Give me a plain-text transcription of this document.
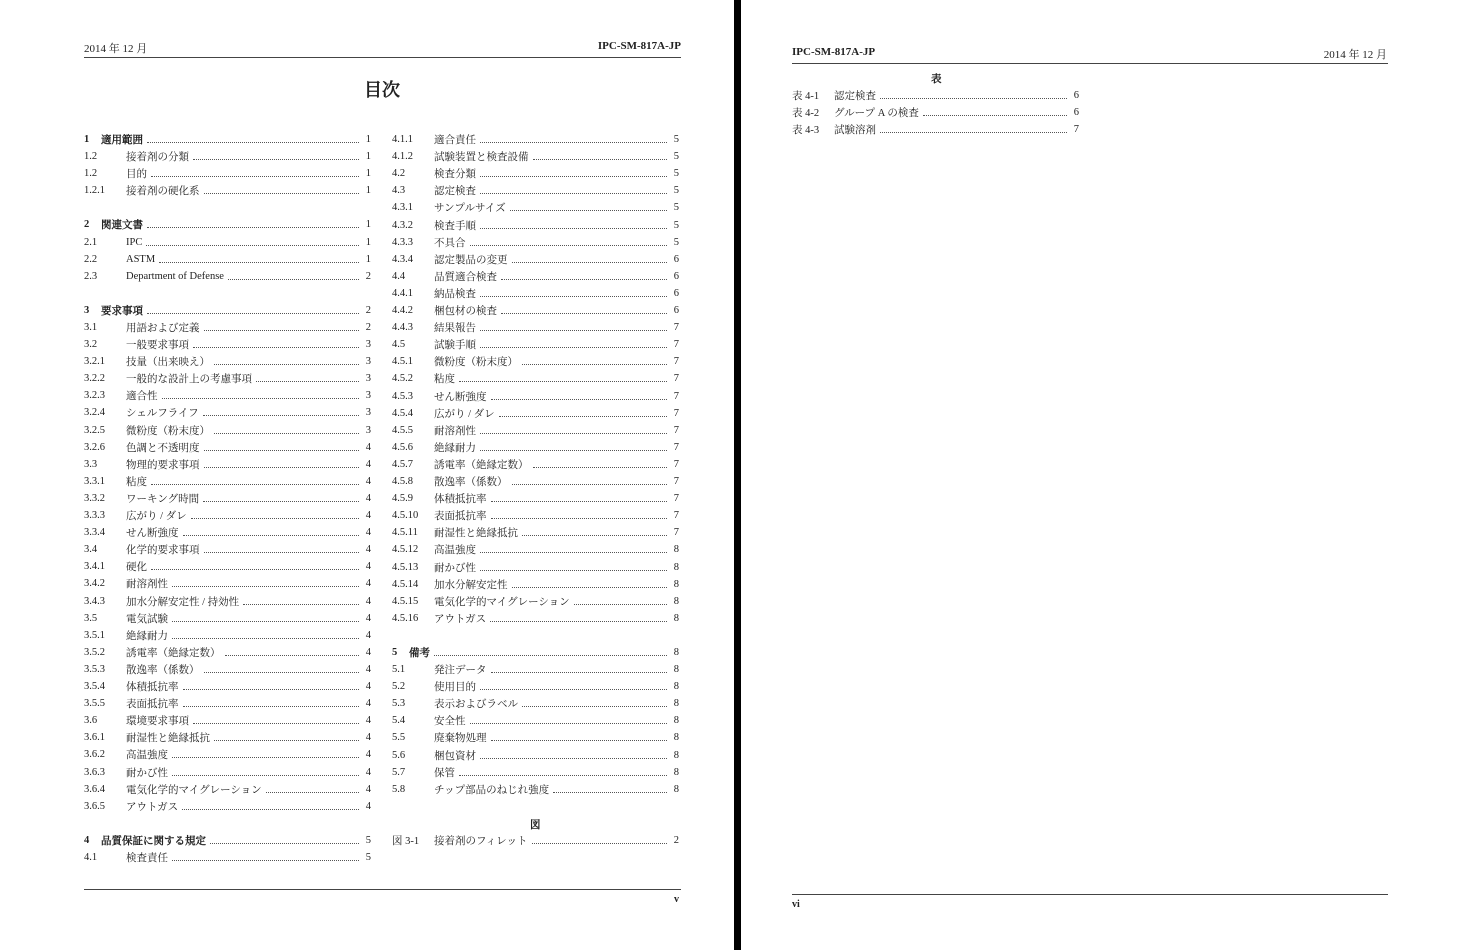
2014 年 12 月	IPC-SM-817A-JP
目次
1	適用範囲	1
1.2	接着剤の分類	1
1.2	目的	1
1.2.1	接着剤の硬化系	1
2	関連文書	1
2.1	IPC	1
2.2	ASTM	1
2.3	Department of Defense	2
3	要求事項	2
3.1	用語および定義	2
3.2	一般要求事項	3
3.2.1	技量（出来映え）	3
3.2.2	一般的な設計上の考慮事項	3
3.2.3	適合性	3
3.2.4	シェルフライフ	3
3.2.5	微粉度（粉末度）	3
3.2.6	色調と不透明度	4
3.3	物理的要求事項	4
3.3.1	粘度	4
3.3.2	ワーキング時間	4
3.3.3	広がり / ダレ	4
3.3.4	せん断強度	4
3.4	化学的要求事項	4
3.4.1	硬化	4
3.4.2	耐溶剤性	4
3.4.3	加水分解安定性 / 持効性	4
3.5	電気試験	4
3.5.1	絶縁耐力	4
3.5.2	誘電率（絶縁定数）	4
3.5.3	散逸率（係数）	4
3.5.4	体積抵抗率	4
3.5.5	表面抵抗率	4
3.6	環境要求事項	4
3.6.1	耐湿性と絶縁抵抗	4
3.6.2	高温強度	4
3.6.3	耐かび性	4
3.6.4	電気化学的マイグレーション	4
3.6.5	アウトガス	4
4	品質保証に関する規定	5
4.1	検査責任	5
4.1.1	適合責任	5
4.1.2	試験装置と検査設備	5
4.2	検査分類	5
4.3	認定検査	5
4.3.1	サンプルサイズ	5
4.3.2	検査手順	5
4.3.3	不具合	5
4.3.4	認定製品の変更	6
4.4	品質適合検査	6
4.4.1	納品検査	6
4.4.2	梱包材の検査	6
4.4.3	結果報告	7
4.5	試験手順	7
4.5.1	微粉度（粉末度）	7
4.5.2	粘度	7
4.5.3	せん断強度	7
4.5.4	広がり / ダレ	7
4.5.5	耐溶剤性	7
4.5.6	絶縁耐力	7
4.5.7	誘電率（絶縁定数）	7
4.5.8	散逸率（係数）	7
4.5.9	体積抵抗率	7
4.5.10	表面抵抗率	7
4.5.11	耐湿性と絶縁抵抗	7
4.5.12	高温強度	8
4.5.13	耐かび性	8
4.5.14	加水分解安定性	8
4.5.15	電気化学的マイグレーション	8
4.5.16	アウトガス	8
5	備考	8
5.1	発注データ	8
5.2	使用目的	8
5.3	表示およびラベル	8
5.4	安全性	8
5.5	廃棄物処理	8
5.6	梱包資材	8
5.7	保管	8
5.8	チップ部品のねじれ強度	8
図
図 3-1	接着剤のフィレット	2
v
IPC-SM-817A-JP	2014 年 12 月
表
表 4-1	認定検査	6
表 4-2	グループ A の検査	6
表 4-3	試験溶剤	7
vi
